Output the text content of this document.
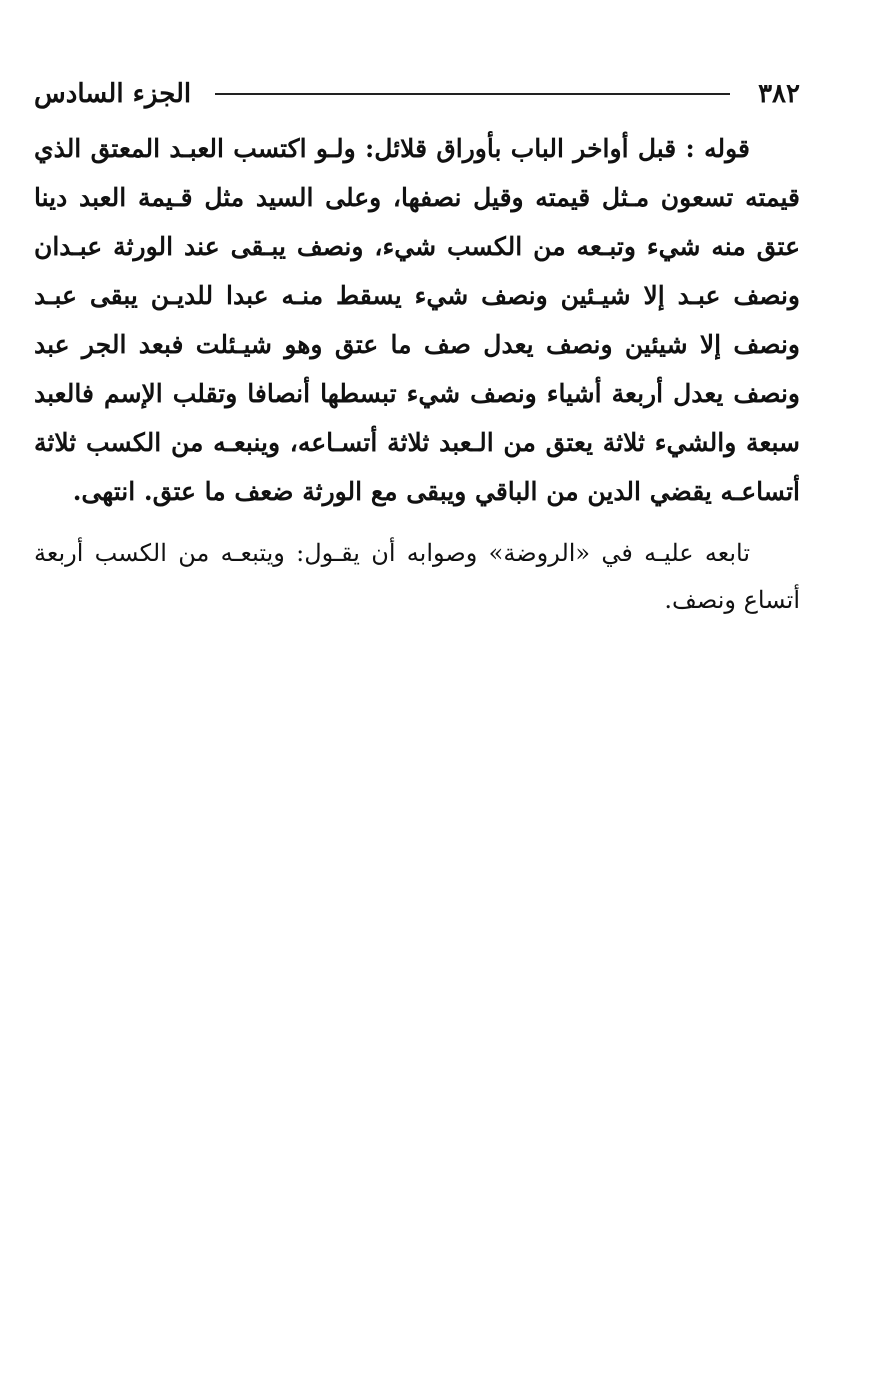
٣٨٢
الجزء السادس

قوله : قبل أواخر الباب بأوراق قلائل: ولـو اكتسب العبـد المعتق الذي قيمته تسعون مـثل قيمته وقيل نصفها، وعلى السيد مثل قـيمة العبد دينا عتق منه شيء وتبـعه من الكسب شيء، ونصف يبـقى عند الورثة عبـدان ونصف عبـد إلا شيـئين ونصف شيء يسقط منـه عبدا للديـن يبقى عبـد ونصف إلا شيئين ونصف يعدل صف ما عتق وهو شيـئلت فبعد الجر عبد ونصف يعدل أربعة أشياء ونصف شيء تبسطها أنصافا وتقلب الإسم فالعبد سبعة والشيء ثلاثة يعتق من الـعبد ثلاثة أتسـاعه، وينبعـه من الكسب ثلاثة أتساعـه يقضي الدين من الباقي ويبقى مع الورثة ضعف ما عتق. انتهى.

تابعه عليـه في «الروضة» وصوابه أن يقـول: ويتبعـه من الكسب أربعة أتساع ونصف.
